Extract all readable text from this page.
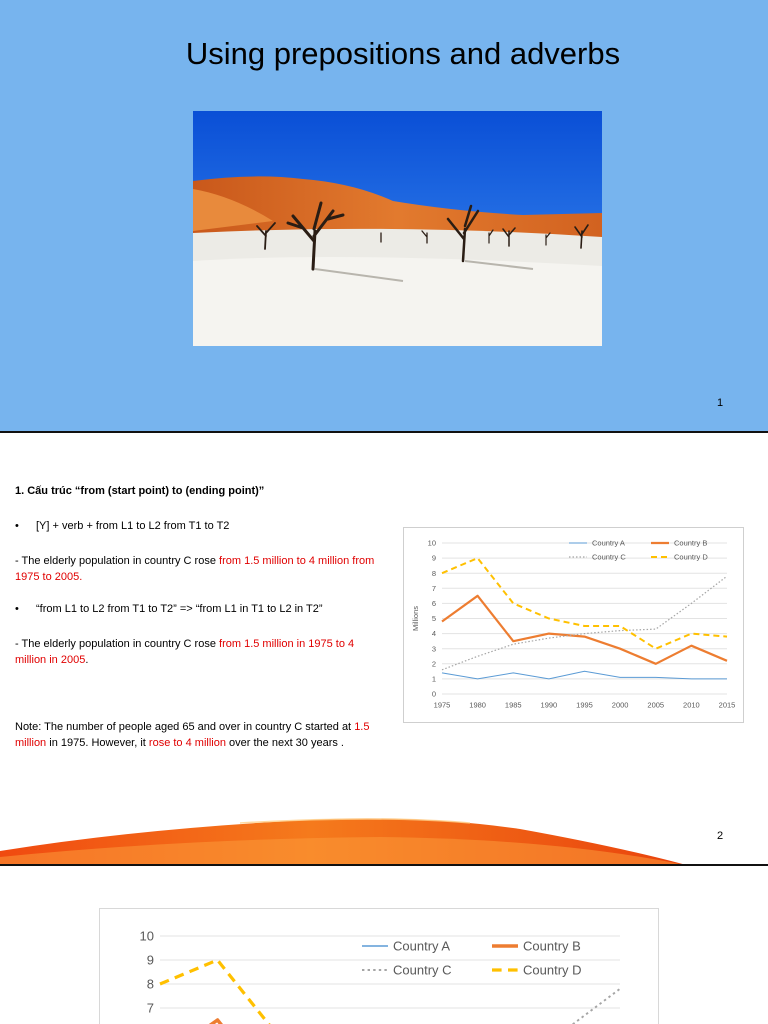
Using prepositions and adverbs
1
1. Cấu trúc “from (start point) to (ending point)”
• [Y] + verb + from L1 to L2 from T1 to T2
- The elderly population in country C rose from 1.5 million to 4 million from 1975 to 2005.
• “from L1 to L2 from T1 to T2” => “from L1 in T1 to L2 in T2”
- The elderly population in country C rose from 1.5 million in 1975 to 4 million in 2005.
Note: The number of people aged 65 and over in country C started at 1.5 million in 1975. However, it rose to 4 million over the next 30 years .
0
1
2
3
4
5
6
7
8
9
10
1975	1980	1985	1990	1995	2000	2005	2010	2015
Millions
Country A	Country B
Country C	Country D
2
7
8
9
10
Country A	Country B
Country C	Country D
